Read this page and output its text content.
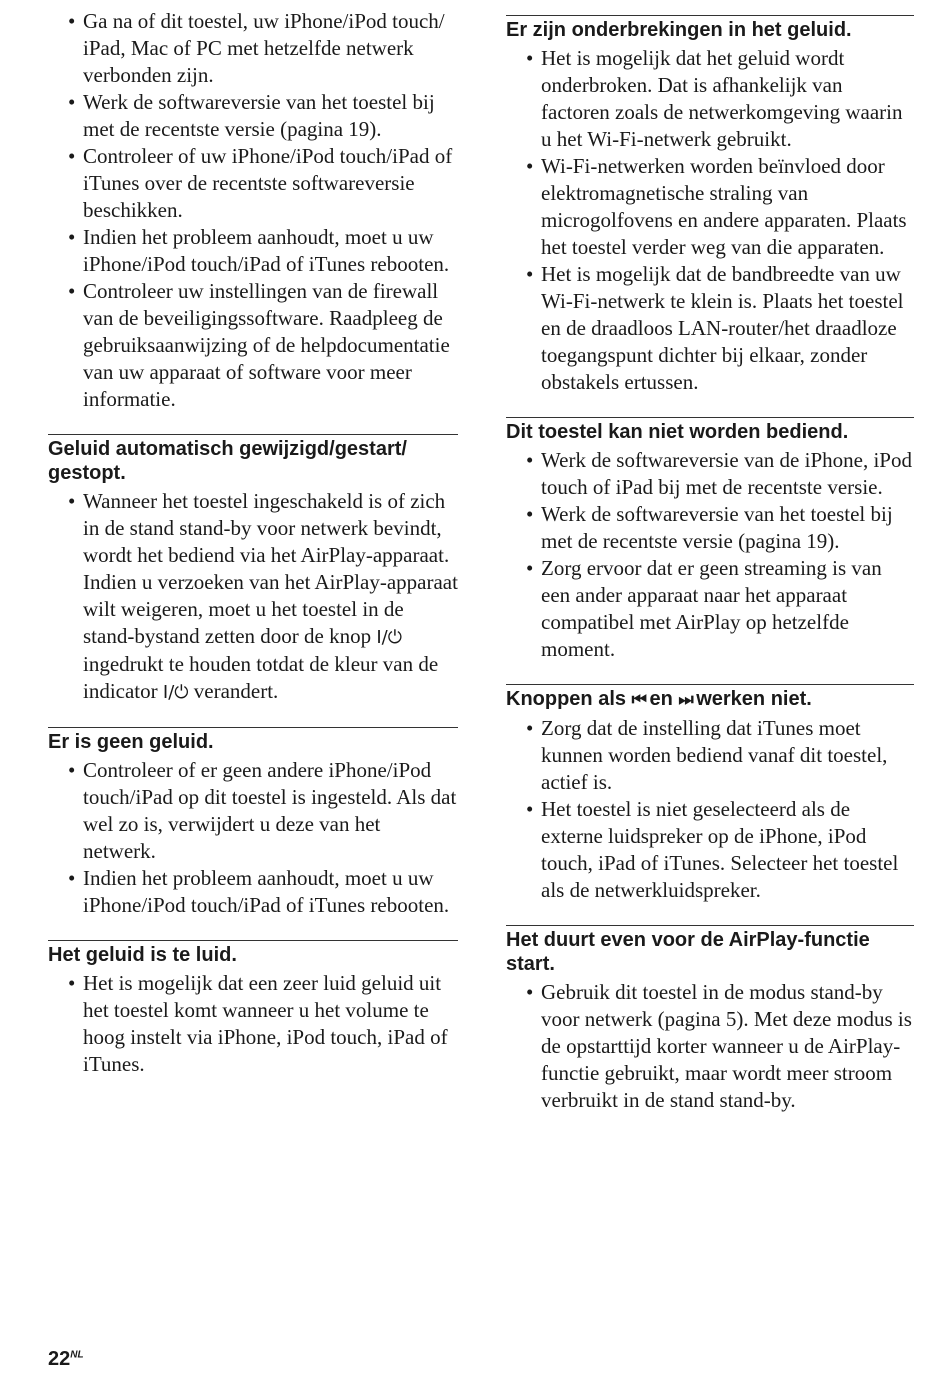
• Ga na of dit toestel, uw iPhone/iPod touch/ iPad, Mac of PC met hetzelfde netwerk verbonden zijn.
• Werk de softwareversie van het toestel bij met de recentste versie (pagina 19).
• Controleer of uw iPhone/iPod touch/iPad of iTunes over de recentste softwareversie beschikken.
• Indien het probleem aanhoudt, moet u uw iPhone/iPod touch/iPad of iTunes rebooten.
• Controleer uw instellingen van de firewall van de beveiligingssoftware. Raadpleeg de gebruiksaanwijzing of de helpdocumentatie van uw apparaat of software voor meer informatie.
Geluid automatisch gewijzigd/gestart/ gestopt.
• Wanneer het toestel ingeschakeld is of zich in de stand stand-by voor netwerk bevindt, wordt het bediend via het AirPlay-apparaat. Indien u verzoeken van het AirPlay-apparaat wilt weigeren, moet u het toestel in de stand-bystand zetten door de knop I/⏻ ingedrukt te houden totdat de kleur van de indicator I/⏻ verandert.
Er is geen geluid.
• Controleer of er geen andere iPhone/iPod touch/iPad op dit toestel is ingesteld. Als dat wel zo is, verwijdert u deze van het netwerk.
• Indien het probleem aanhoudt, moet u uw iPhone/iPod touch/iPad of iTunes rebooten.
Het geluid is te luid.
• Het is mogelijk dat een zeer luid geluid uit het toestel komt wanneer u het volume te hoog instelt via iPhone, iPod touch, iPad of iTunes.
Er zijn onderbrekingen in het geluid.
• Het is mogelijk dat het geluid wordt onderbroken. Dat is afhankelijk van factoren zoals de netwerkomgeving waarin u het Wi-Fi-netwerk gebruikt.
• Wi-Fi-netwerken worden beïnvloed door elektromagnetische straling van microgolfovens en andere apparaten. Plaats het toestel verder weg van die apparaten.
• Het is mogelijk dat de bandbreedte van uw Wi-Fi-netwerk te klein is. Plaats het toestel en de draadloos LAN-router/het draadloze toegangspunt dichter bij elkaar, zonder obstakels ertussen.
Dit toestel kan niet worden bediend.
• Werk de softwareversie van de iPhone, iPod touch of iPad bij met de recentste versie.
• Werk de softwareversie van het toestel bij met de recentste versie (pagina 19).
• Zorg ervoor dat er geen streaming is van een ander apparaat naar het apparaat compatibel met AirPlay op hetzelfde moment.
Knoppen als ⏮ en ⏭ werken niet.
• Zorg dat de instelling dat iTunes moet kunnen worden bediend vanaf dit toestel, actief is.
• Het toestel is niet geselecteerd als de externe luidspreker op de iPhone, iPod touch, iPad of iTunes. Selecteer het toestel als de netwerkluidspreker.
Het duurt even voor de AirPlay-functie start.
• Gebruik dit toestel in de modus stand-by voor netwerk (pagina 5). Met deze modus is de opstarttijd korter wanneer u de AirPlay-functie gebruikt, maar wordt meer stroom verbruikt in de stand stand-by.
$22^{NL}$
